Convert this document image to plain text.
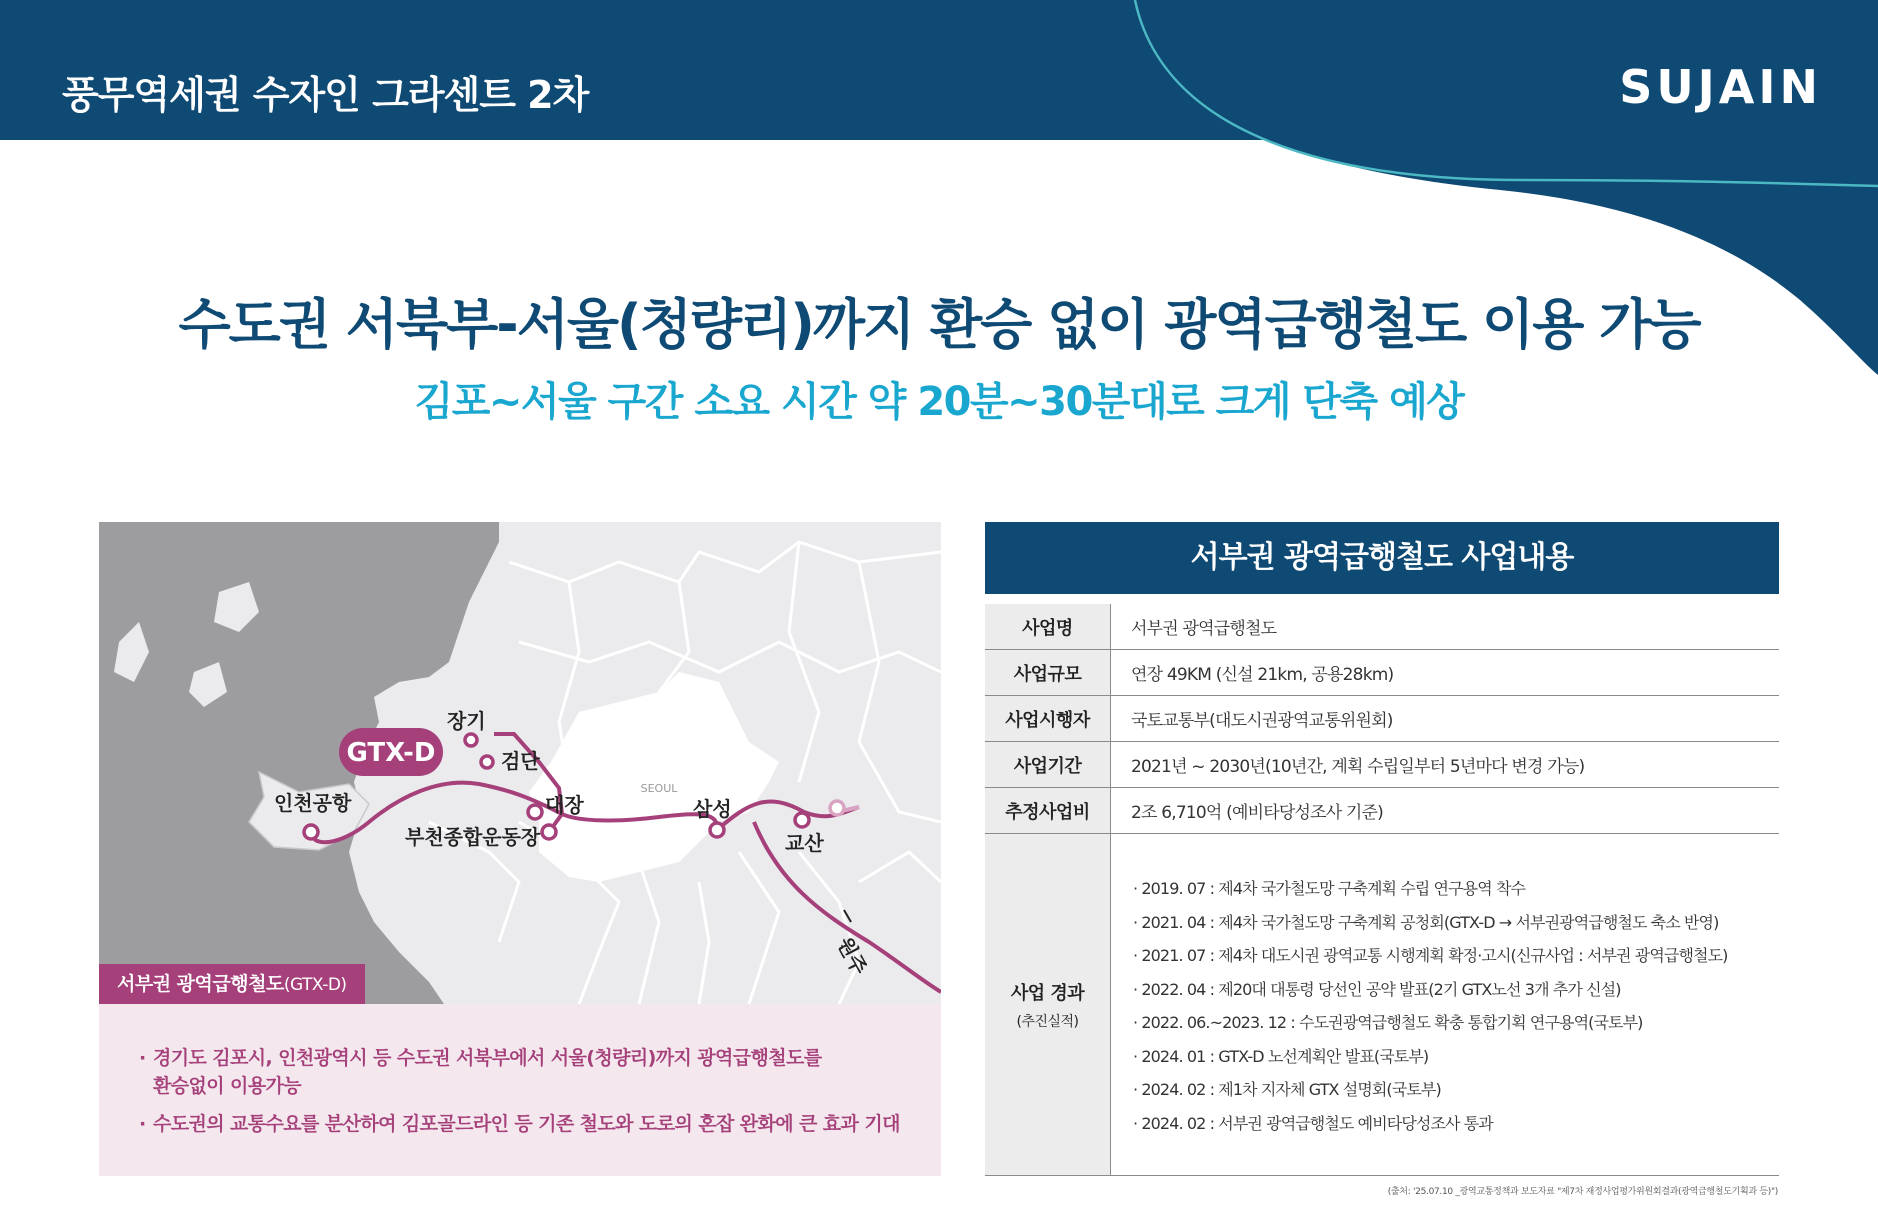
풍무역세권 수자인 그라센트 2차	SUJAIN
수도권 서북부-서울(청량리)까지 환승 없이 광역급행철도 이용 가능
김포~서울 구간 소요 시간 약 20분~30분대로 크게 단축 예상
SEOUL
GTX-D
장기
검단
인천공항	대장
부천종합운동장
삼성
교산
원주
서부권 광역급행철도(GTX-D)
· 경기도 김포시, 인천광역시 등 수도권 서북부에서 서울(청량리)까지 광역급행철도를
환승없이 이용가능
· 수도권의 교통수요를 분산하여 김포골드라인 등 기존 철도와 도로의 혼잡 완화에 큰 효과 기대
서부권 광역급행철도 사업내용
사업명	서부권 광역급행철도
사업규모	연장 49KM (신설 21km, 공용28km)
사업시행자	국토교통부(대도시권광역교통위원회)
사업기간	2021년 ~ 2030년(10년간, 계획 수립일부터 5년마다 변경 가능)
추정사업비	2조 6,710억 (예비타당성조사 기준)
사업 경과
(추진실적)
· 2019. 07 : 제4차 국가철도망 구축계획 수립 연구용역 착수
· 2021. 04 : 제4차 국가철도망 구축계획 공청회(GTX-D → 서부권광역급행철도 축소 반영)
· 2021. 07 : 제4차 대도시권 광역교통 시행계획 확정·고시(신규사업 : 서부권 광역급행철도)
· 2022. 04 : 제20대 대통령 당선인 공약 발표(2기 GTX노선 3개 추가 신설)
· 2022. 06.~2023. 12 : 수도권광역급행철도 확충 통합기획 연구용역(국토부)
· 2024. 01 : GTX-D 노선계획안 발표(국토부)
· 2024. 02 : 제1차 지자체 GTX 설명회(국토부)
· 2024. 02 : 서부권 광역급행철도 예비타당성조사 통과
(출처: '25.07.10 _광역교통정책과 보도자료 "제7차 재정사업평가위원회결과(광역급행철도기획과 등)")
